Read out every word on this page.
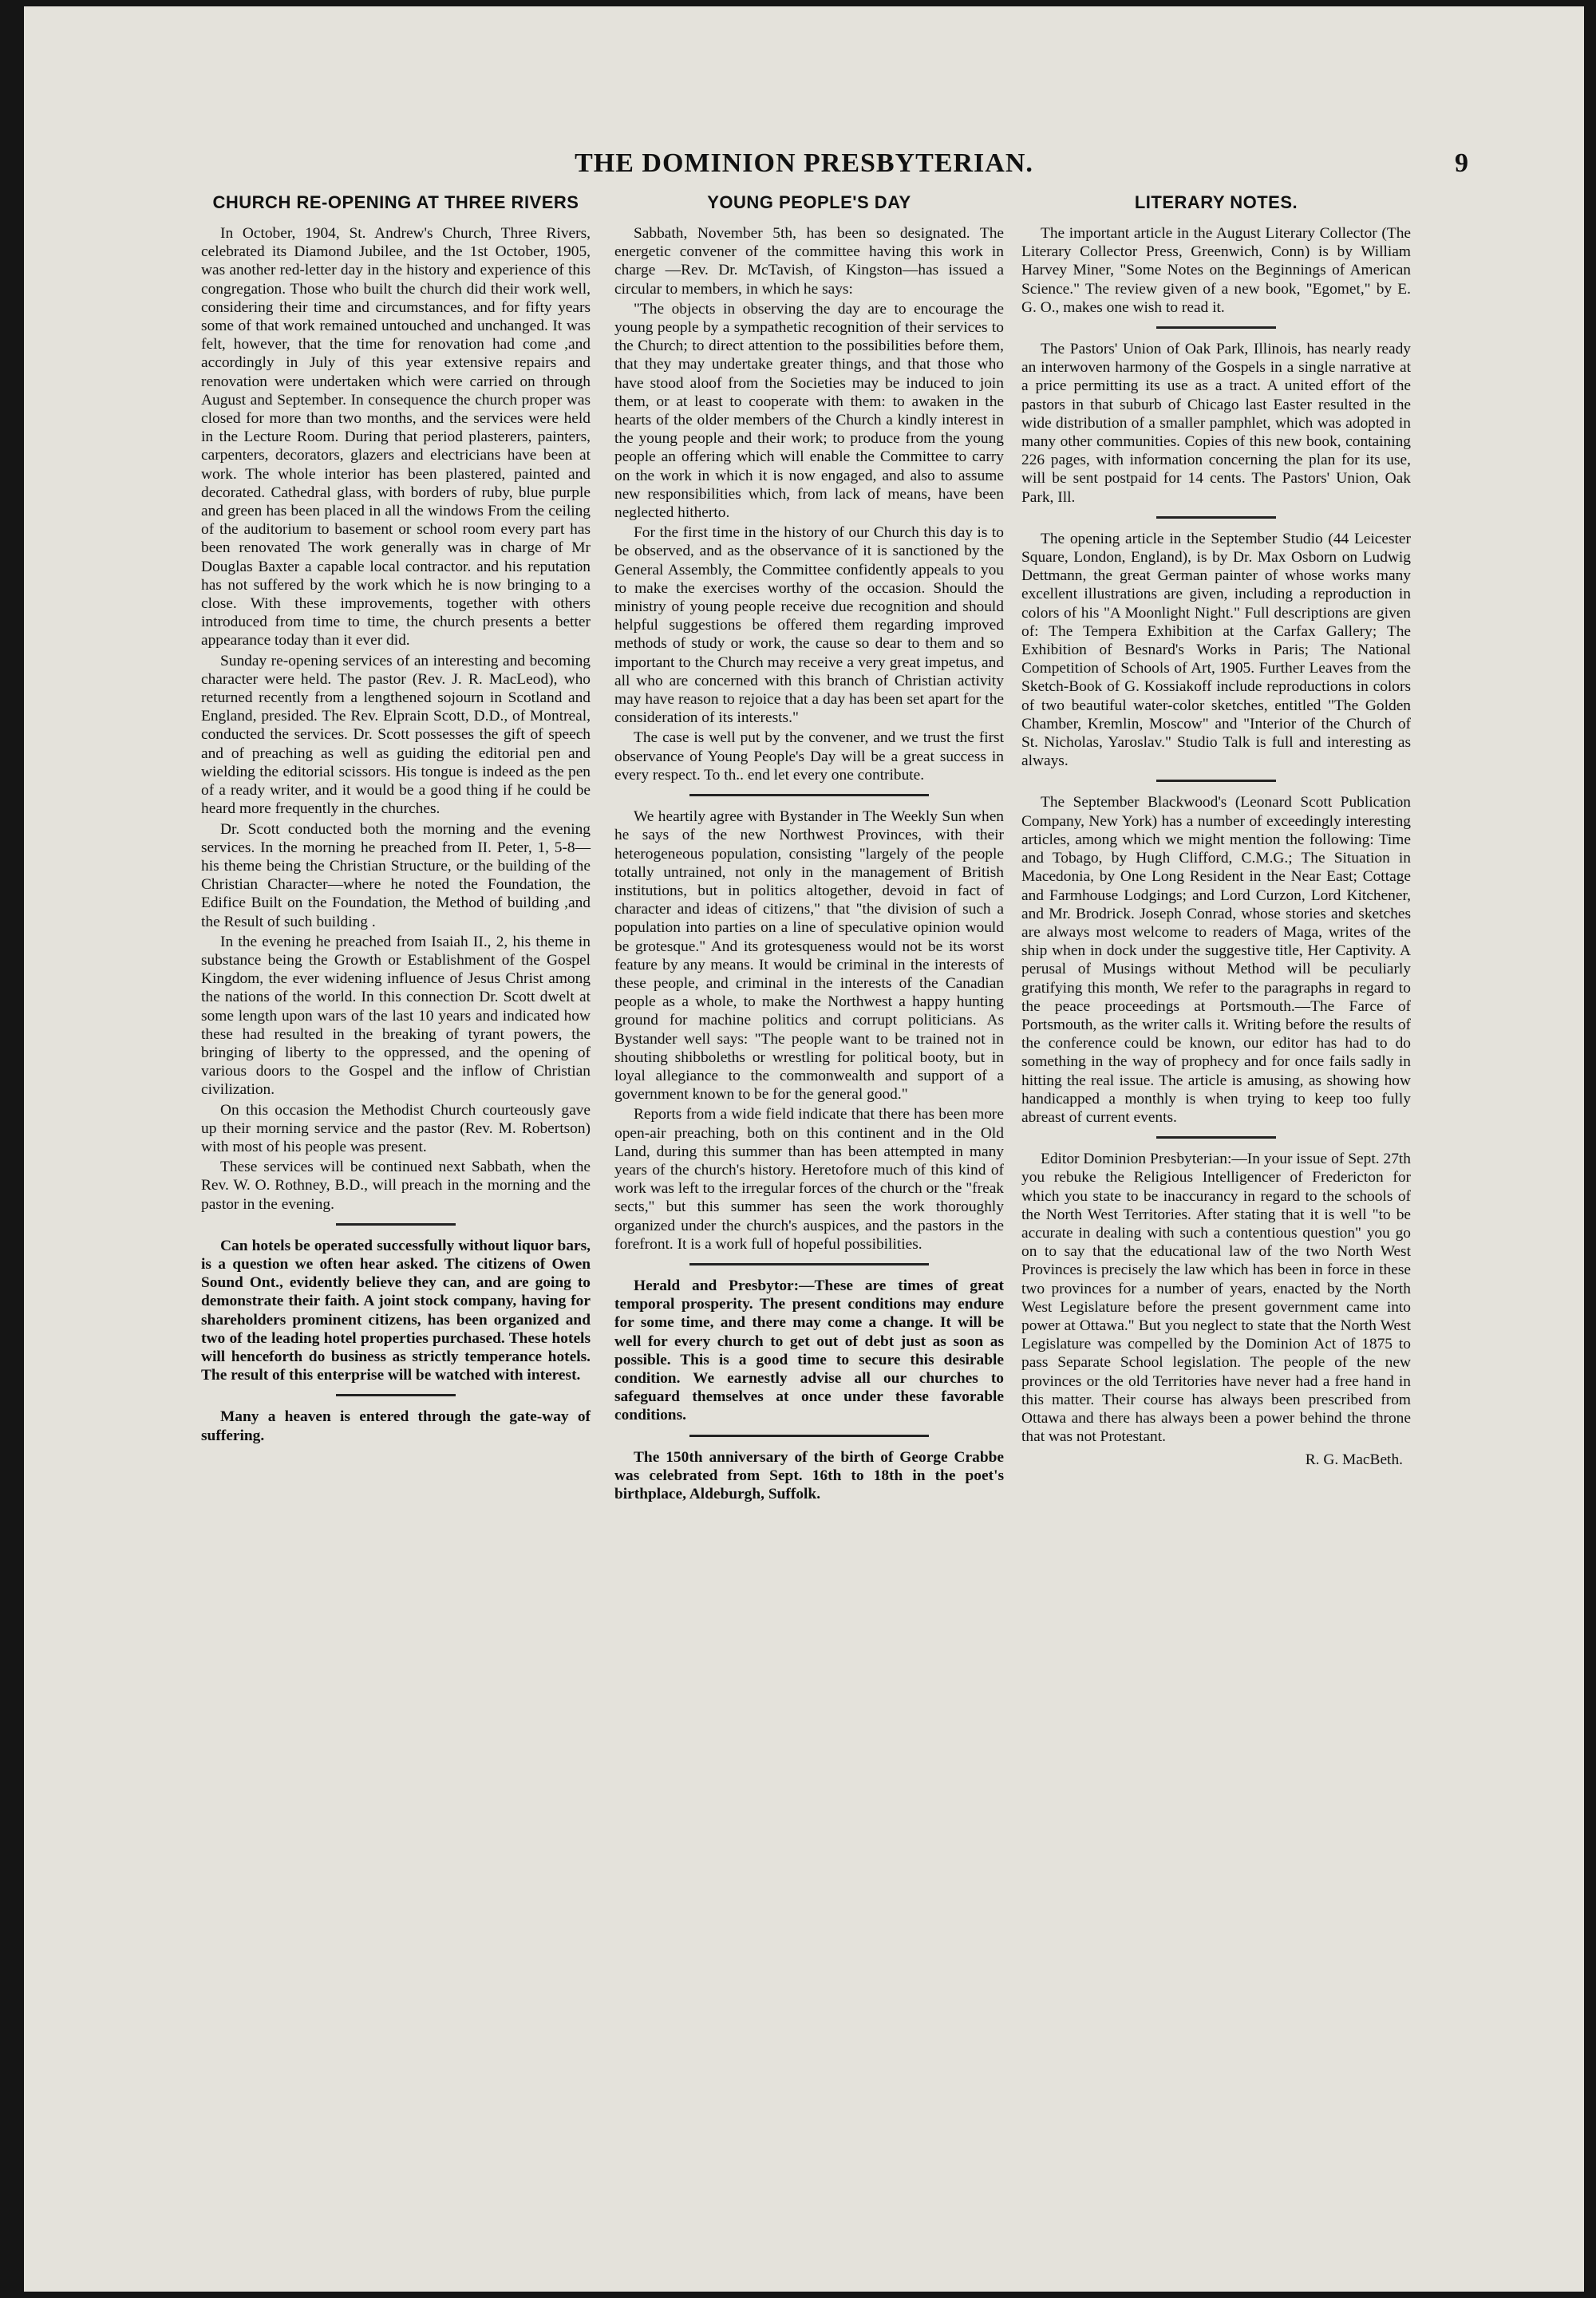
THE DOMINION PRESBYTERIAN.	9
CHURCH RE-OPENING AT THREE RIVERS

In October, 1904, St. Andrew's Church, Three Rivers, celebrated its Diamond Jubilee, and the 1st October, 1905, was another red-letter day in the history and experience of this congregation. Those who built the church did their work well, considering their time and circumstances, and for fifty years some of that work remained untouched and unchanged. It was felt, however, that the time for renovation had come ,and accordingly in July of this year extensive repairs and renovation were undertaken which were carried on through August and September. In consequence the church proper was closed for more than two months, and the services were held in the Lecture Room. During that period plasterers, painters, carpenters, decorators, glazers and electricians have been at work. The whole interior has been plastered, painted and decorated. Cathedral glass, with borders of ruby, blue purple and green has been placed in all the windows From the ceiling of the auditorium to basement or school room every part has been renovated The work generally was in charge of Mr Douglas Baxter a capable local contractor. and his reputation has not suffered by the work which he is now bringing to a close. With these improvements, together with others introduced from time to time, the church presents a better appearance today than it ever did.

Sunday re-opening services of an interesting and becoming character were held. The pastor (Rev. J. R. MacLeod), who returned recently from a lengthened sojourn in Scotland and England, presided. The Rev. Elprain Scott, D.D., of Montreal, conducted the services. Dr. Scott possesses the gift of speech and of preaching as well as guiding the editorial pen and wielding the editorial scissors. His tongue is indeed as the pen of a ready writer, and it would be a good thing if he could be heard more frequently in the churches.

Dr. Scott conducted both the morning and the evening services. In the morning he preached from II. Peter, 1, 5-8—his theme being the Christian Structure, or the building of the Christian Character—where he noted the Foundation, the Edifice Built on the Foundation, the Method of building ,and the Result of such building .

In the evening he preached from Isaiah II., 2, his theme in substance being the Growth or Establishment of the Gospel Kingdom, the ever widening influence of Jesus Christ among the nations of the world. In this connection Dr. Scott dwelt at some length upon wars of the last 10 years and indicated how these had resulted in the breaking of tyrant powers, the bringing of liberty to the oppressed, and the opening of various doors to the Gospel and the inflow of Christian civilization.

On this occasion the Methodist Church courteously gave up their morning service and the pastor (Rev. M. Robertson) with most of his people was present.

These services will be continued next Sabbath, when the Rev. W. O. Rothney, B.D., will preach in the morning and the pastor in the evening.

Can hotels be operated successfully without liquor bars, is a question we often hear asked. The citizens of Owen Sound Ont., evidently believe they can, and are going to demonstrate their faith. A joint stock company, having for shareholders prominent citizens, has been organized and two of the leading hotel properties purchased. These hotels will henceforth do business as strictly temperance hotels. The result of this enterprise will be watched with interest.

Many a heaven is entered through the gate-way of suffering.

YOUNG PEOPLE'S DAY

Sabbath, November 5th, has been so designated. The energetic convener of the committee having this work in charge —Rev. Dr. McTavish, of Kingston—has issued a circular to members, in which he says:

"The objects in observing the day are to encourage the young people by a sympathetic recognition of their services to the Church; to direct attention to the possibilities before them, that they may undertake greater things, and that those who have stood aloof from the Societies may be induced to join them, or at least to cooperate with them: to awaken in the hearts of the older members of the Church a kindly interest in the young people and their work; to produce from the young people an offering which will enable the Committee to carry on the work in which it is now engaged, and also to assume new responsibilities which, from lack of means, have been neglected hitherto.

For the first time in the history of our Church this day is to be observed, and as the observance of it is sanctioned by the General Assembly, the Committee confidently appeals to you to make the exercises worthy of the occasion. Should the ministry of young people receive due recognition and should helpful suggestions be offered them regarding improved methods of study or work, the cause so dear to them and so important to the Church may receive a very great impetus, and all who are concerned with this branch of Christian activity may have reason to rejoice that a day has been set apart for the consideration of its interests."

The case is well put by the convener, and we trust the first observance of Young People's Day will be a great success in every respect. To th.. end let every one contribute.

We heartily agree with Bystander in The Weekly Sun when he says of the new Northwest Provinces, with their heterogeneous population, consisting "largely of the people totally untrained, not only in the management of British institutions, but in politics altogether, devoid in fact of character and ideas of citizens," that "the division of such a population into parties on a line of speculative opinion would be grotesque." And its grotesqueness would not be its worst feature by any means. It would be criminal in the interests of these people, and criminal in the interests of the Canadian people as a whole, to make the Northwest a happy hunting ground for machine politics and corrupt politicians. As Bystander well says: "The people want to be trained not in shouting shibboleths or wrestling for political booty, but in loyal allegiance to the commonwealth and support of a government known to be for the general good."

Reports from a wide field indicate that there has been more open-air preaching, both on this continent and in the Old Land, during this summer than has been attempted in many years of the church's history. Heretofore much of this kind of work was left to the irregular forces of the church or the "freak sects," but this summer has seen the work thoroughly organized under the church's auspices, and the pastors in the forefront. It is a work full of hopeful possibilities.

Herald and Presbytor:—These are times of great temporal prosperity. The present conditions may endure for some time, and there may come a change. It will be well for every church to get out of debt just as soon as possible. This is a good time to secure this desirable condition. We earnestly advise all our churches to safeguard themselves at once under these favorable conditions.

The 150th anniversary of the birth of George Crabbe was celebrated from Sept. 16th to 18th in the poet's birthplace, Aldeburgh, Suffolk.

LITERARY NOTES.

The important article in the August Literary Collector (The Literary Collector Press, Greenwich, Conn) is by William Harvey Miner, "Some Notes on the Beginnings of American Science." The review given of a new book, "Egomet," by E. G. O., makes one wish to read it.

The Pastors' Union of Oak Park, Illinois, has nearly ready an interwoven harmony of the Gospels in a single narrative at a price permitting its use as a tract. A united effort of the pastors in that suburb of Chicago last Easter resulted in the wide distribution of a smaller pamphlet, which was adopted in many other communities. Copies of this new book, containing 226 pages, with information concerning the plan for its use, will be sent postpaid for 14 cents. The Pastors' Union, Oak Park, Ill.

The opening article in the September Studio (44 Leicester Square, London, England), is by Dr. Max Osborn on Ludwig Dettmann, the great German painter of whose works many excellent illustrations are given, including a reproduction in colors of his "A Moonlight Night." Full descriptions are given of: The Tempera Exhibition at the Carfax Gallery; The Exhibition of Besnard's Works in Paris; The National Competition of Schools of Art, 1905. Further Leaves from the Sketch-Book of G. Kossiakoff include reproductions in colors of two beautiful water-color sketches, entitled "The Golden Chamber, Kremlin, Moscow" and "Interior of the Church of St. Nicholas, Yaroslav." Studio Talk is full and interesting as always.

The September Blackwood's (Leonard Scott Publication Company, New York) has a number of exceedingly interesting articles, among which we might mention the following: Time and Tobago, by Hugh Clifford, C.M.G.; The Situation in Macedonia, by One Long Resident in the Near East; Cottage and Farmhouse Lodgings; and Lord Curzon, Lord Kitchener, and Mr. Brodrick. Joseph Conrad, whose stories and sketches are always most welcome to readers of Maga, writes of the ship when in dock under the suggestive title, Her Captivity. A perusal of Musings without Method will be peculiarly gratifying this month, We refer to the paragraphs in regard to the peace proceedings at Portsmouth.—The Farce of Portsmouth, as the writer calls it. Writing before the results of the conference could be known, our editor has had to do something in the way of prophecy and for once fails sadly in hitting the real issue. The article is amusing, as showing how handicapped a monthly is when trying to keep too fully abreast of current events.

Editor Dominion Presbyterian:—In your issue of Sept. 27th you rebuke the Religious Intelligencer of Fredericton for which you state to be inaccurancy in regard to the schools of the North West Territories. After stating that it is well "to be accurate in dealing with such a contentious question" you go on to say that the educational law of the two North West Provinces is precisely the law which has been in force in these two provinces for a number of years, enacted by the North West Legislature before the present government came into power at Ottawa." But you neglect to state that the North West Legislature was compelled by the Dominion Act of 1875 to pass Separate School legislation. The people of the new provinces or the old Territories have never had a free hand in this matter. Their course has always been prescribed from Ottawa and there has always been a power behind the throne that was not Protestant.

R. G. MacBeth.
